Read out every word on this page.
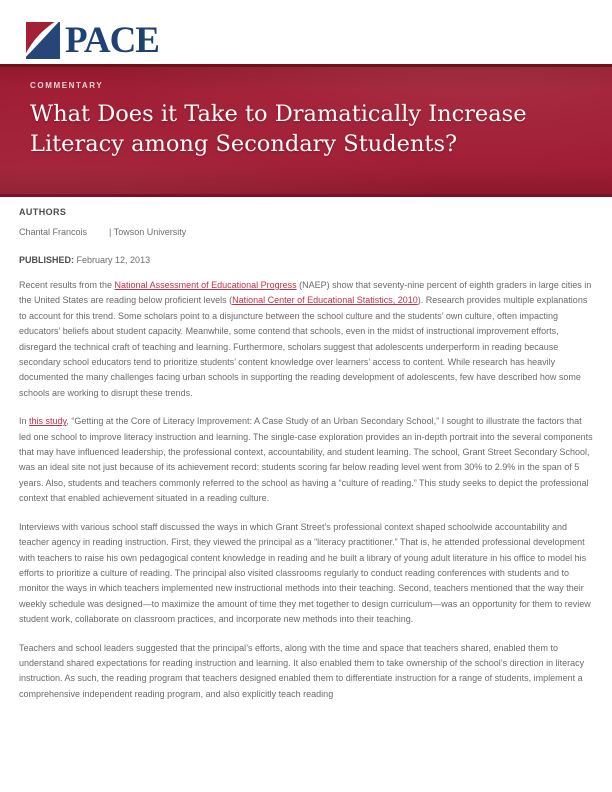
PACE
COMMENTARY
What Does it Take to Dramatically Increase Literacy among Secondary Students?
AUTHORS
Chantal Francois	| Towson University
PUBLISHED: February 12, 2013

Recent results from the National Assessment of Educational Progress (NAEP) show that seventy-nine percent of eighth graders in large cities in the United States are reading below proficient levels (National Center of Educational Statistics, 2010). Research provides multiple explanations to account for this trend. Some scholars point to a disjuncture between the school culture and the students’ own culture, often impacting educators’ beliefs about student capacity. Meanwhile, some contend that schools, even in the midst of instructional improvement efforts, disregard the technical craft of teaching and learning. Furthermore, scholars suggest that adolescents underperform in reading because secondary school educators tend to prioritize students’ content knowledge over learners’ access to content. While research has heavily documented the many challenges facing urban schools in supporting the reading development of adolescents, few have described how some schools are working to disrupt these trends.

In this study, “Getting at the Core of Literacy Improvement: A Case Study of an Urban Secondary School,” I sought to illustrate the factors that led one school to improve literacy instruction and learning. The single-case exploration provides an in-depth portrait into the several components that may have influenced leadership, the professional context, accountability, and student learning. The school, Grant Street Secondary School, was an ideal site not just because of its achievement record: students scoring far below reading level went from 30% to 2.9% in the span of 5 years. Also, students and teachers commonly referred to the school as having a “culture of reading.” This study seeks to depict the professional context that enabled achievement situated in a reading culture.

Interviews with various school staff discussed the ways in which Grant Street’s professional context shaped schoolwide accountability and teacher agency in reading instruction. First, they viewed the principal as a “literacy practitioner.” That is, he attended professional development with teachers to raise his own pedagogical content knowledge in reading and he built a library of young adult literature in his office to model his efforts to prioritize a culture of reading. The principal also visited classrooms regularly to conduct reading conferences with students and to monitor the ways in which teachers implemented new instructional methods into their teaching. Second, teachers mentioned that the way their weekly schedule was designed—to maximize the amount of time they met together to design curriculum—was an opportunity for them to review student work, collaborate on classroom practices, and incorporate new methods into their teaching.

Teachers and school leaders suggested that the principal’s efforts, along with the time and space that teachers shared, enabled them to understand shared expectations for reading instruction and learning. It also enabled them to take ownership of the school’s direction in literacy instruction. As such, the reading program that teachers designed enabled them to differentiate instruction for a range of students, implement a comprehensive independent reading program, and also explicitly teach reading
